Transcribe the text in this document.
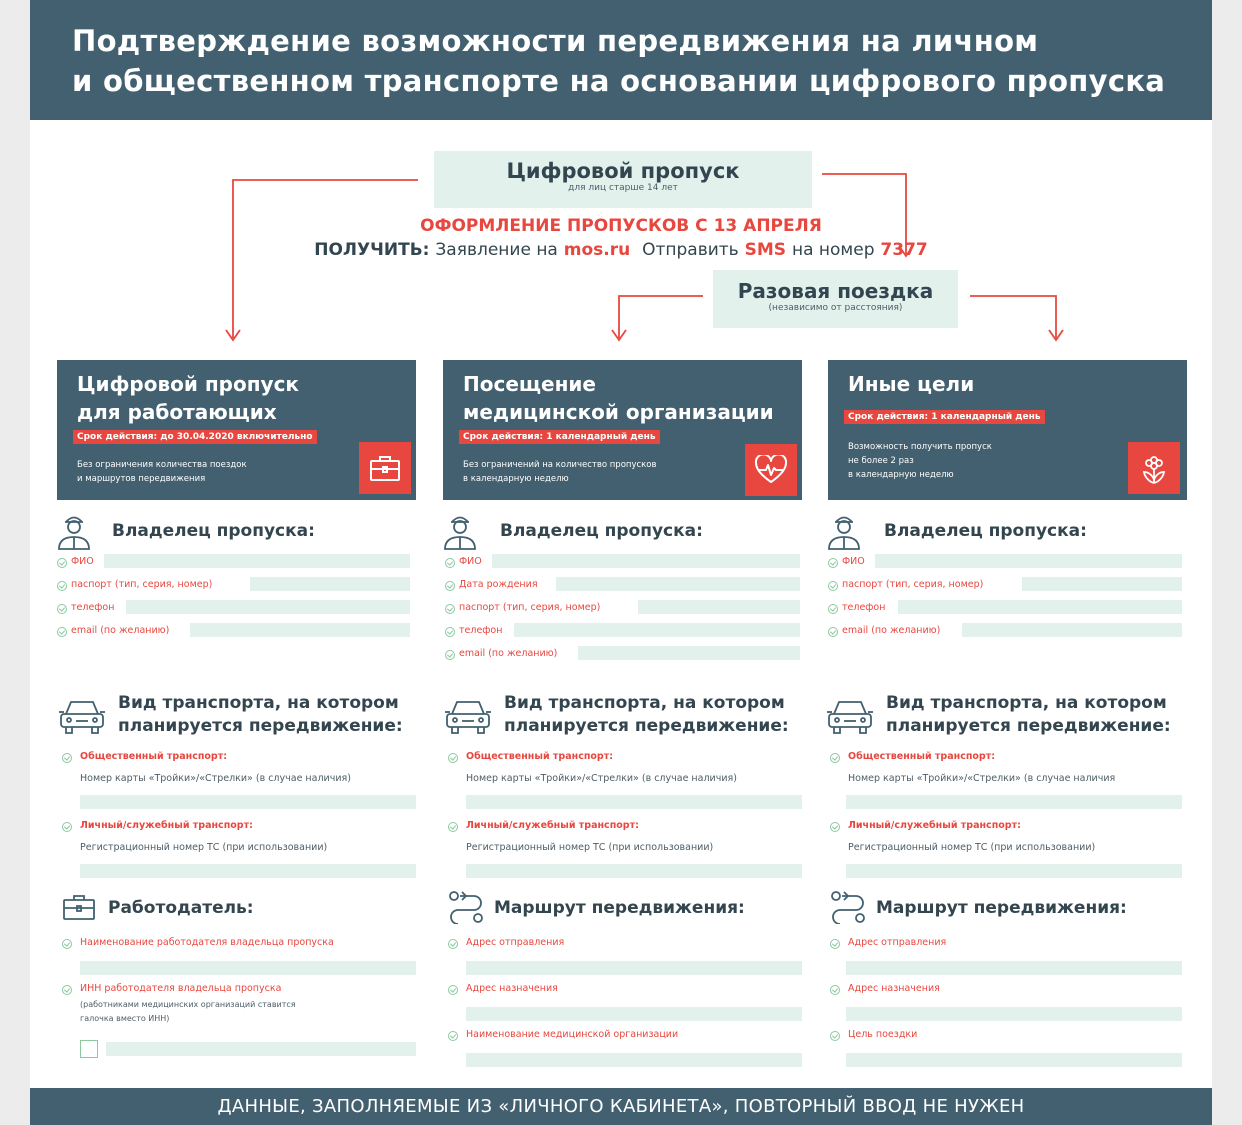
Подтверждение возможности передвижения на личном
и общественном транспорте на основании цифрового пропуска
Цифровой пропуск
для лиц старше 14 лет
ОФОРМЛЕНИЕ ПРОПУСКОВ С 13 АПРЕЛЯ
ПОЛУЧИТЬ: Заявление на mos.ru Отправить SMS на номер 7377
Разовая поездка
(независимо от расстояния)
Цифровой пропуск
для работающих
Срок действия: до 30.04.2020 включительно
Без ограничения количества поездок
и маршрутов передвижения
Посещение
медицинской организации
Срок действия: 1 календарный день
Без ограничений на количество пропусков
в календарную неделю
Иные цели
Срок действия: 1 календарный день
Возможность получить пропуск
не более 2 раз
в календарную неделю
Владелец пропуска:	Владелец пропуска:	Владелец пропуска:
ФИО
паспорт (тип, серия, номер)
телефон
email (по желанию)
ФИО
Дата рождения
паспорт (тип, серия, номер)
телефон
email (по желанию)
ФИО
паспорт (тип, серия, номер)
телефон
email (по желанию)
Вид транспорта, на котором
планируется передвижение:
Вид транспорта, на котором
планируется передвижение:
Вид транспорта, на котором
планируется передвижение:
Общественный транспорт:
Номер карты «Тройки»/«Стрелки» (в случае наличия)
Личный/служебный транспорт:
Регистрационный номер ТС (при использовании)
Общественный транспорт:
Номер карты «Тройки»/«Стрелки» (в случае наличия)
Личный/служебный транспорт:
Регистрационный номер ТС (при использовании)
Общественный транспорт:
Номер карты «Тройки»/«Стрелки» (в случае наличия
Личный/служебный транспорт:
Регистрационный номер ТС (при использовании)
Работодатель:
Наименование работодателя владельца пропуска
ИНН работодателя владельца пропуска
(работниками медицинских организаций ставится
галочка вместо ИНН)
Маршрут передвижения:
Адрес отправления
Адрес назначения
Наименование медицинской организации
Маршрут передвижения:
Адрес отправления
Адрес назначения
Цель поездки
ДАННЫЕ, ЗАПОЛНЯЕМЫЕ ИЗ «ЛИЧНОГО КАБИНЕТА», ПОВТОРНЫЙ ВВОД НЕ НУЖЕН
